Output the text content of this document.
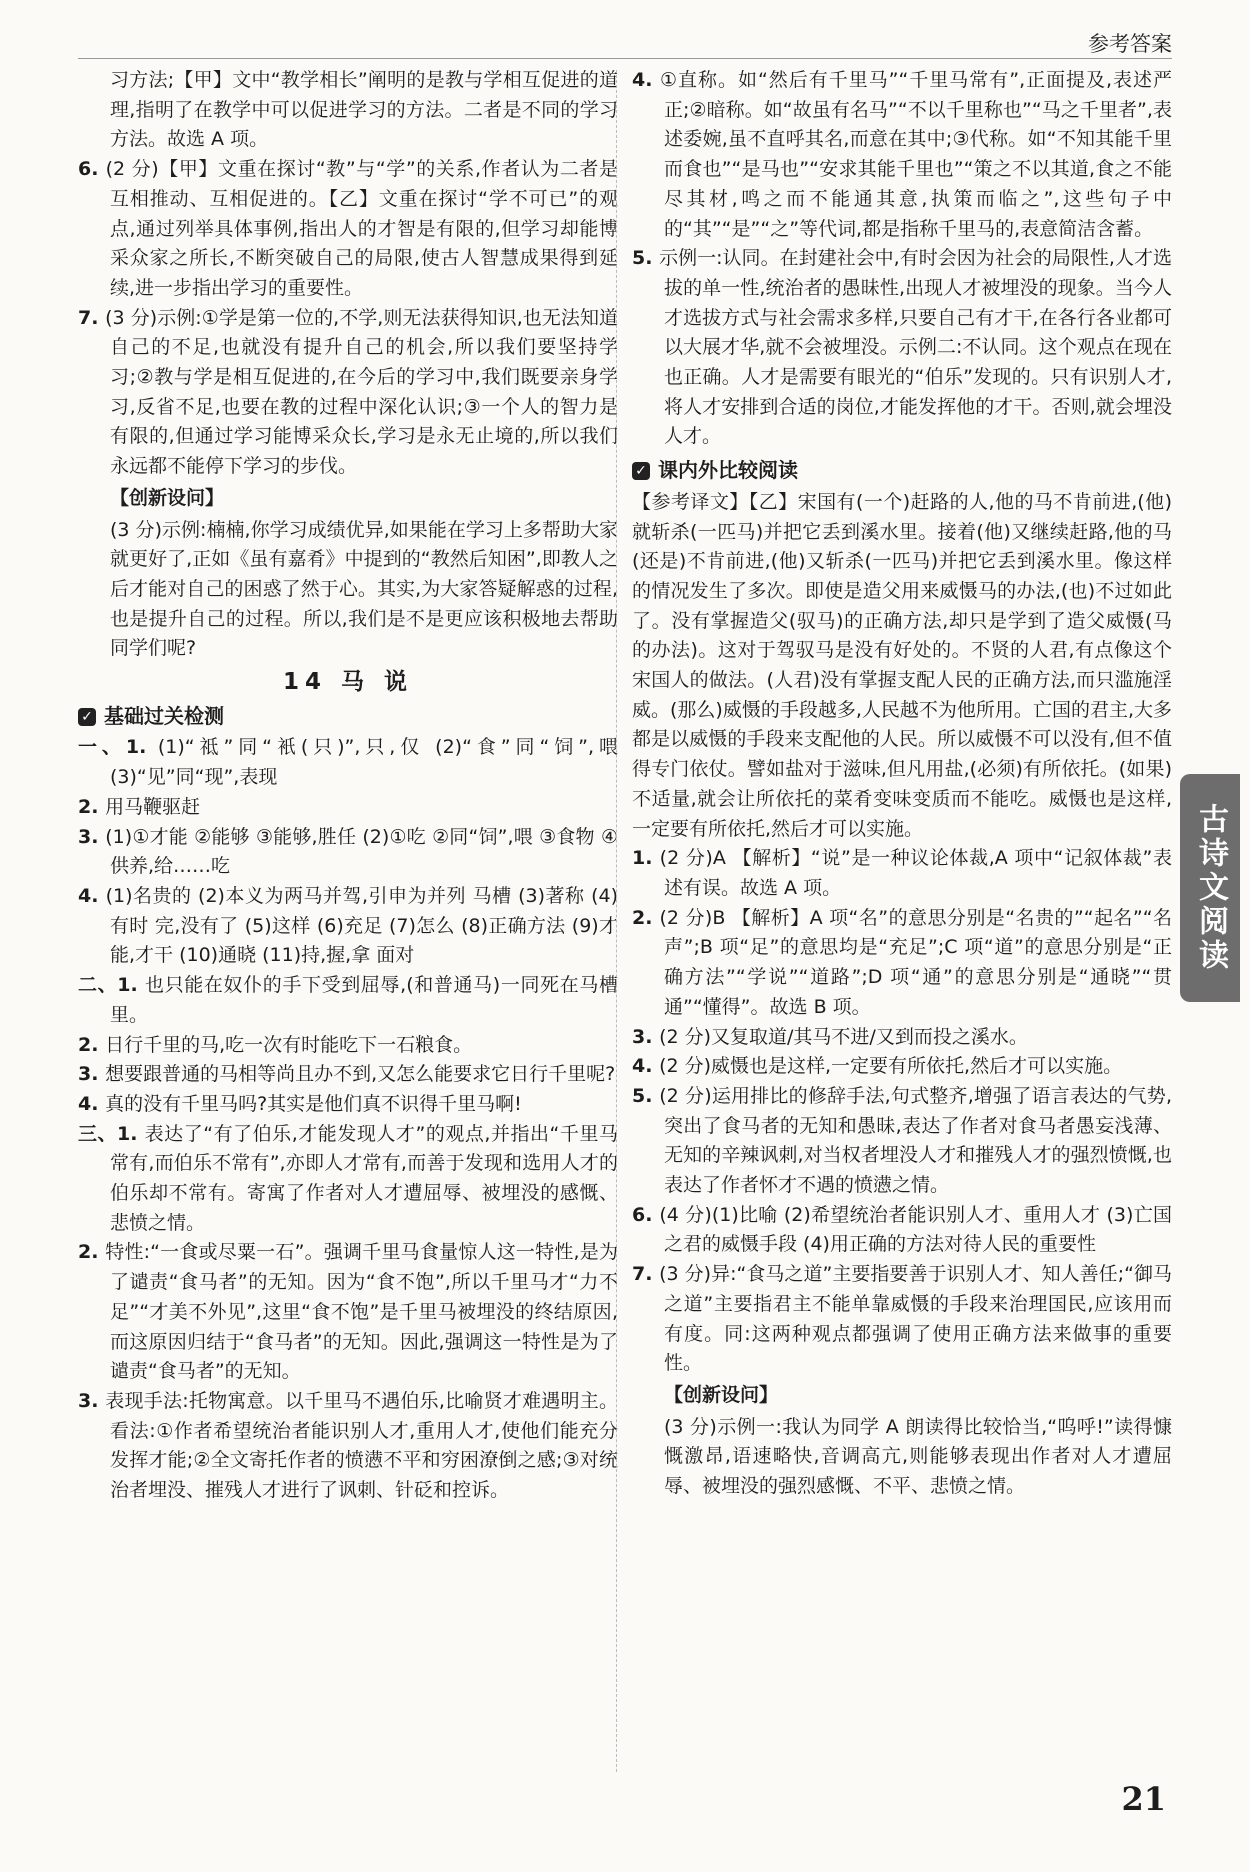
参考答案

习方法;【甲】文中“教学相长”阐明的是教与学相互促进的道理,指明了在教学中可以促进学习的方法。二者是不同的学习方法。故选 A 项。

6. (2 分)【甲】文重在探讨“教”与“学”的关系,作者认为二者是互相推动、互相促进的。【乙】文重在探讨“学不可已”的观点,通过列举具体事例,指出人的才智是有限的,但学习却能博采众家之所长,不断突破自己的局限,使古人智慧成果得到延续,进一步指出学习的重要性。

7. (3 分)示例:①学是第一位的,不学,则无法获得知识,也无法知道自己的不足,也就没有提升自己的机会,所以我们要坚持学习;②教与学是相互促进的,在今后的学习中,我们既要亲身学习,反省不足,也要在教的过程中深化认识;③一个人的智力是有限的,但通过学习能博采众长,学习是永无止境的,所以我们永远都不能停下学习的步伐。

【创新设问】

(3 分)示例:楠楠,你学习成绩优异,如果能在学习上多帮助大家就更好了,正如《虽有嘉肴》中提到的“教然后知困”,即教人之后才能对自己的困惑了然于心。其实,为大家答疑解惑的过程,也是提升自己的过程。所以,我们是不是更应该积极地去帮助同学们呢?

14 马 说
✓ 基础过关检测

一、1. (1)“祗”同“衹(只)”,只,仅 (2)“食”同“饲”,喂 (3)“见”同“现”,表现

2. 用马鞭驱赶

3. (1)①才能 ②能够 ③能够,胜任 (2)①吃 ②同“饲”,喂 ③食物 ④供养,给……吃

4. (1)名贵的 (2)本义为两马并驾,引申为并列 马槽 (3)著称 (4)有时 完,没有了 (5)这样 (6)充足 (7)怎么 (8)正确方法 (9)才能,才干 (10)通晓 (11)持,握,拿 面对

二、1. 也只能在奴仆的手下受到屈辱,(和普通马)一同死在马槽里。

2. 日行千里的马,吃一次有时能吃下一石粮食。

3. 想要跟普通的马相等尚且办不到,又怎么能要求它日行千里呢?

4. 真的没有千里马吗?其实是他们真不识得千里马啊!

三、1. 表达了“有了伯乐,才能发现人才”的观点,并指出“千里马常有,而伯乐不常有”,亦即人才常有,而善于发现和选用人才的伯乐却不常有。寄寓了作者对人才遭屈辱、被埋没的感慨、悲愤之情。

2. 特性:“一食或尽粟一石”。强调千里马食量惊人这一特性,是为了谴责“食马者”的无知。因为“食不饱”,所以千里马才“力不足”“才美不外见”,这里“食不饱”是千里马被埋没的终结原因,而这原因归结于“食马者”的无知。因此,强调这一特性是为了谴责“食马者”的无知。

3. 表现手法:托物寓意。以千里马不遇伯乐,比喻贤才难遇明主。看法:①作者希望统治者能识别人才,重用人才,使他们能充分发挥才能;②全文寄托作者的愤懑不平和穷困潦倒之感;③对统治者埋没、摧残人才进行了讽刺、针砭和控诉。

4. ①直称。如“然后有千里马”“千里马常有”,正面提及,表述严正;②暗称。如“故虽有名马”“不以千里称也”“马之千里者”,表述委婉,虽不直呼其名,而意在其中;③代称。如“不知其能千里而食也”“是马也”“安求其能千里也”“策之不以其道,食之不能尽其材,鸣之而不能通其意,执策而临之”,这些句子中的“其”“是”“之”等代词,都是指称千里马的,表意简洁含蓄。

5. 示例一:认同。在封建社会中,有时会因为社会的局限性,人才选拔的单一性,统治者的愚昧性,出现人才被埋没的现象。当今人才选拔方式与社会需求多样,只要自己有才干,在各行各业都可以大展才华,就不会被埋没。示例二:不认同。这个观点在现在也正确。人才是需要有眼光的“伯乐”发现的。只有识别人才,将人才安排到合适的岗位,才能发挥他的才干。否则,就会埋没人才。

✓ 课内外比较阅读

【参考译文】【乙】宋国有(一个)赶路的人,他的马不肯前进,(他)就斩杀(一匹马)并把它丢到溪水里。接着(他)又继续赶路,他的马(还是)不肯前进,(他)又斩杀(一匹马)并把它丢到溪水里。像这样的情况发生了多次。即使是造父用来威慑马的办法,(也)不过如此了。没有掌握造父(驭马)的正确方法,却只是学到了造父威慑(马的办法)。这对于驾驭马是没有好处的。不贤的人君,有点像这个宋国人的做法。(人君)没有掌握支配人民的正确方法,而只滥施淫威。(那么)威慑的手段越多,人民越不为他所用。亡国的君主,大多都是以威慑的手段来支配他的人民。所以威慑不可以没有,但不值得专门依仗。譬如盐对于滋味,但凡用盐,(必须)有所依托。(如果)不适量,就会让所依托的菜肴变味变质而不能吃。威慑也是这样,一定要有所依托,然后才可以实施。

1. (2 分)A 【解析】“说”是一种议论体裁,A 项中“记叙体裁”表述有误。故选 A 项。

2. (2 分)B 【解析】A 项“名”的意思分别是“名贵的”“起名”“名声”;B 项“足”的意思均是“充足”;C 项“道”的意思分别是“正确方法”“学说”“道路”;D 项“通”的意思分别是“通晓”“贯通”“懂得”。故选 B 项。

3. (2 分)又复取道/其马不进/又到而投之溪水。

4. (2 分)威慑也是这样,一定要有所依托,然后才可以实施。

5. (2 分)运用排比的修辞手法,句式整齐,增强了语言表达的气势,突出了食马者的无知和愚昧,表达了作者对食马者愚妄浅薄、无知的辛辣讽刺,对当权者埋没人才和摧残人才的强烈愤慨,也表达了作者怀才不遇的愤懑之情。

6. (4 分)(1)比喻 (2)希望统治者能识别人才、重用人才 (3)亡国之君的威慑手段 (4)用正确的方法对待人民的重要性

7. (3 分)异:“食马之道”主要指要善于识别人才、知人善任;“御马之道”主要指君主不能单靠威慑的手段来治理国民,应该用而有度。同:这两种观点都强调了使用正确方法来做事的重要性。

【创新设问】

(3 分)示例一:我认为同学 A 朗读得比较恰当,“呜呼!”读得慷慨激昂,语速略快,音调高亢,则能够表现出作者对人才遭屈辱、被埋没的强烈感慨、不平、悲愤之情。

古诗文阅读
21
